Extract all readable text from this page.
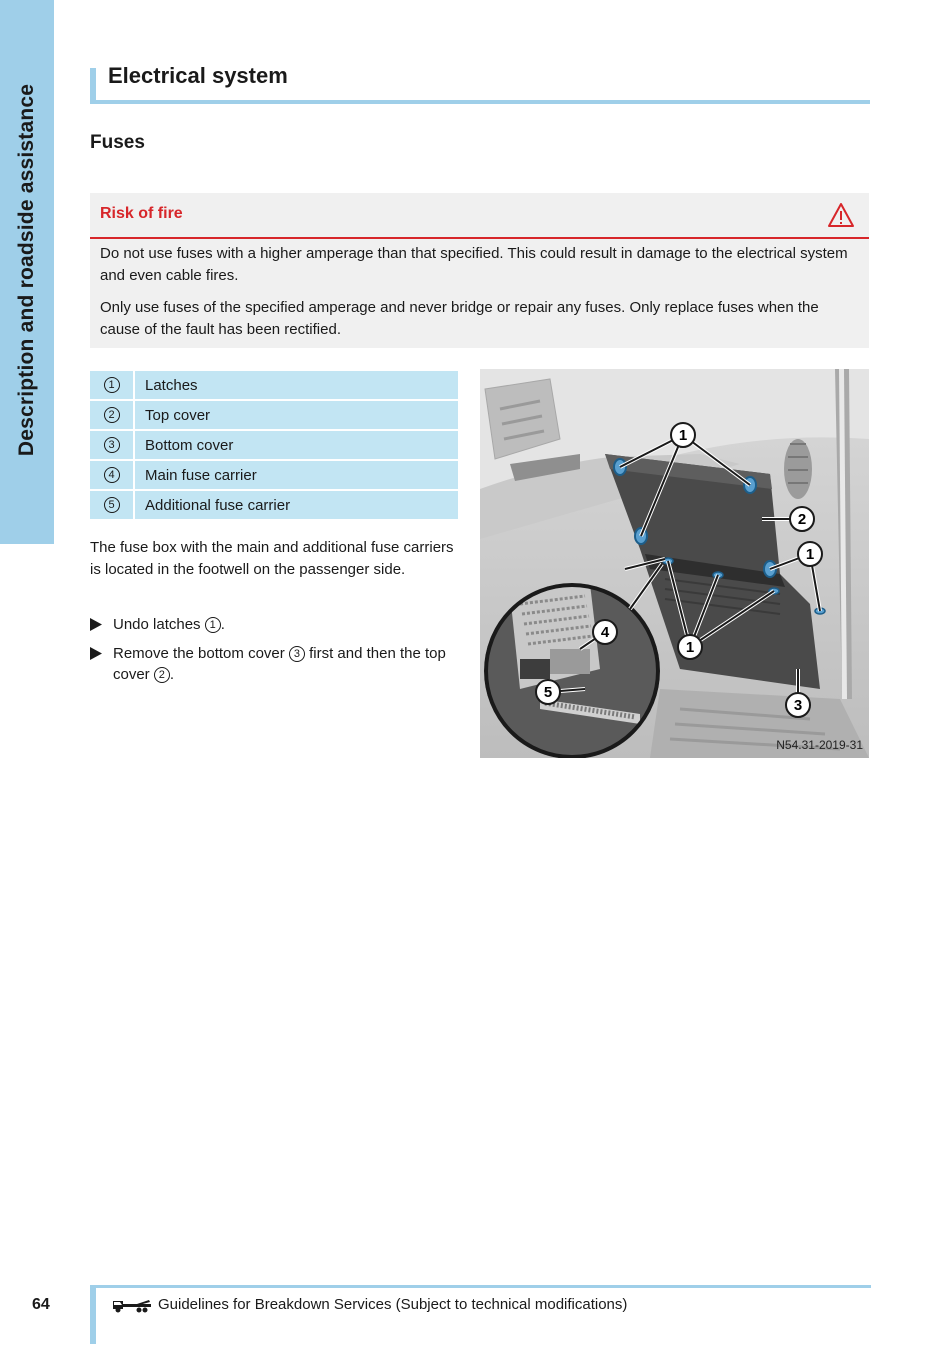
Description and roadside assistance
Electrical system
Fuses
Risk of fire

Do not use fuses with a higher amperage than that specified. This could result in damage to the electrical system and even cable fires.

Only use fuses of the specified amperage and never bridge or repair any fuses. Only replace fuses when the cause of the fault has been rectified.

1	Latches
2	Top cover
3	Bottom cover
4	Main fuse carrier
5	Additional fuse carrier

The fuse box with the main and additional fuse carriers is located in the footwell on the passenger side.

Undo latches 1 .
Remove the bottom cover 3 first and then the top cover 2 .
1
2
1
1
4
5
3
N54.31-2019-31
64	Guidelines for Breakdown Services (Subject to technical modifications)
